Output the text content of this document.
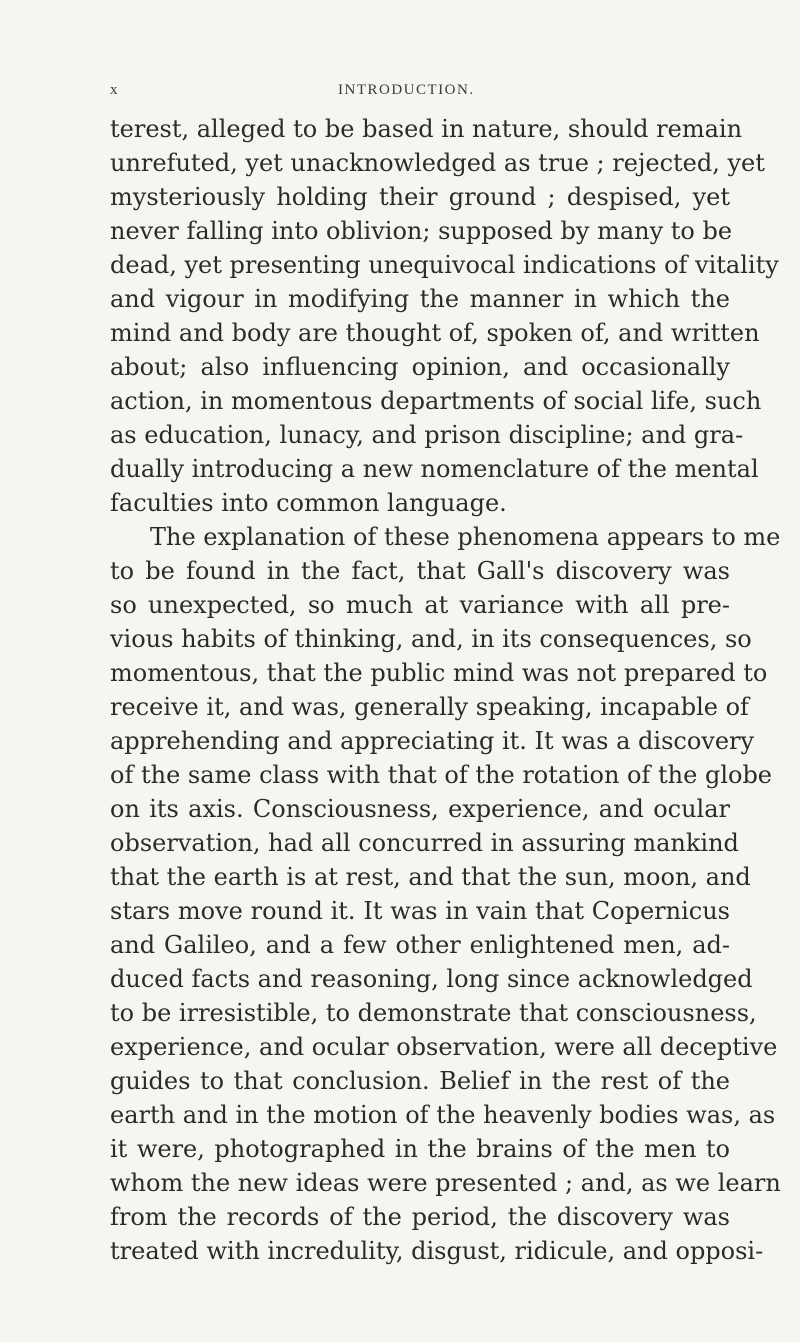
x	INTRODUCTION.
terest, alleged to be based in nature, should remain
unrefuted, yet unacknowledged as true ; rejected, yet
mysteriously holding their ground ; despised, yet
never falling into oblivion; supposed by many to be
dead, yet presenting unequivocal indications of vitality
and vigour in modifying the manner in which the
mind and body are thought of, spoken of, and written
about; also influencing opinion, and occasionally
action, in momentous departments of social life, such
as education, lunacy, and prison discipline; and gra-
dually introducing a new nomenclature of the mental
faculties into common language.
The explanation of these phenomena appears to me
to be found in the fact, that Gall's discovery was
so unexpected, so much at variance with all pre-
vious habits of thinking, and, in its consequences, so
momentous, that the public mind was not prepared to
receive it, and was, generally speaking, incapable of
apprehending and appreciating it. It was a discovery
of the same class with that of the rotation of the globe
on its axis. Consciousness, experience, and ocular
observation, had all concurred in assuring mankind
that the earth is at rest, and that the sun, moon, and
stars move round it. It was in vain that Copernicus
and Galileo, and a few other enlightened men, ad-
duced facts and reasoning, long since acknowledged
to be irresistible, to demonstrate that consciousness,
experience, and ocular observation, were all deceptive
guides to that conclusion. Belief in the rest of the
earth and in the motion of the heavenly bodies was, as
it were, photographed in the brains of the men to
whom the new ideas were presented ; and, as we learn
from the records of the period, the discovery was
treated with incredulity, disgust, ridicule, and opposi-
